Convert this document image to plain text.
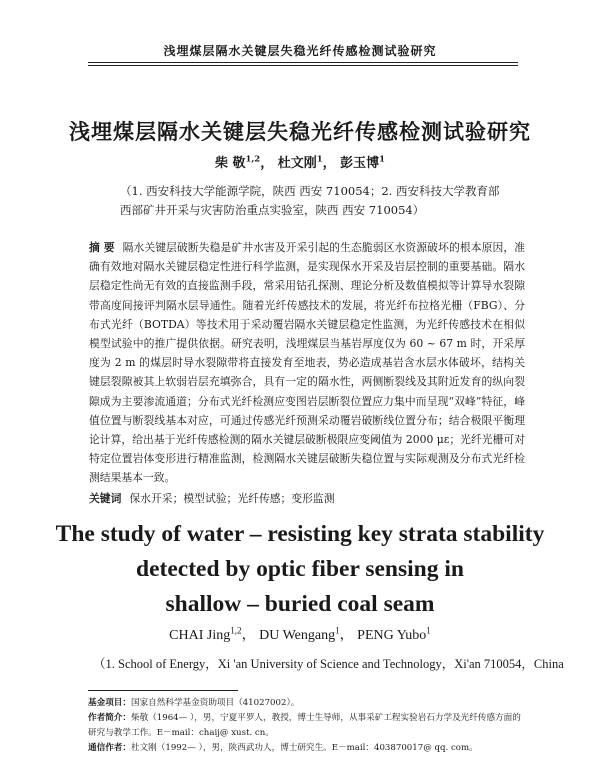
浅埋煤层隔水关键层失稳光纤传感检测试验研究
浅埋煤层隔水关键层失稳光纤传感检测试验研究
柴 敬$^{1,2}$， 杜文刚$^1$， 彭玉博$^1$
（1. 西安科技大学能源学院，陕西 西安 710054；2. 西安科技大学教育部西部矿井开采与灾害防治重点实验室，陕西 西安 710054）
摘 要 隔水关键层破断失稳是矿井水害及开采引起的生态脆弱区水资源破坏的根本原因，准确有效地对隔水关键层稳定性进行科学监测，是实现保水开采及岩层控制的重要基础。隔水层稳定性尚无有效的直接监测手段，常采用钻孔探测、理论分析及数值模拟等计算导水裂隙带高度间接评判隔水层导通性。随着光纤传感技术的发展，将光纤布拉格光栅（FBG）、分布式光纤（BOTDA）等技术用于采动覆岩隔水关键层稳定性监测，为光纤传感技术在相似模型试验中的推广提供依据。研究表明，浅埋煤层当基岩厚度仅为 60 ~ 67 m 时，开采厚度为 2 m 的煤层时导水裂隙带将直接发育至地表，势必造成基岩含水层水体破坏，结构关键层裂隙被其上软弱岩层充填弥合，具有一定的隔水性，两侧断裂线及其附近发育的纵向裂隙成为主要渗流通道；分布式光纤检测应变图岩层断裂位置应力集中而呈现“双峰”特征，峰值位置与断裂线基本对应，可通过传感光纤预测采动覆岩破断线位置分布；结合极限平衡理论计算，给出基于光纤传感检测的隔水关键层破断极限应变阈值为 2000 με；光纤光栅可对特定位置岩体变形进行精准监测，检测隔水关键层破断失稳位置与实际观测及分布式光纤检测结果基本一致。
关键词 保水开采；模型试验；光纤传感；变形监测
The study of water – resisting key strata stability
detected by optic fiber sensing in
shallow – buried coal seam
CHAI Jing$^{1,2}$， DU Wengang$^1$， PENG Yubo$^1$
（1. School of Energy，Xi 'an University of Science and Technology，Xi'an 710054，China
基金项目：国家自然科学基金资助项目（41027002）。
作者简介：柴敬（1964— ），男，宁夏平罗人，教授，博士生导师，从事采矿工程实验岩石力学及光纤传感方面的研究与教学工作。E－mail：chaij@ xust. cn。
通信作者：杜文刚（1992— ），男，陕西武功人，博士研究生。E－mail：403870017@ qq. com。
